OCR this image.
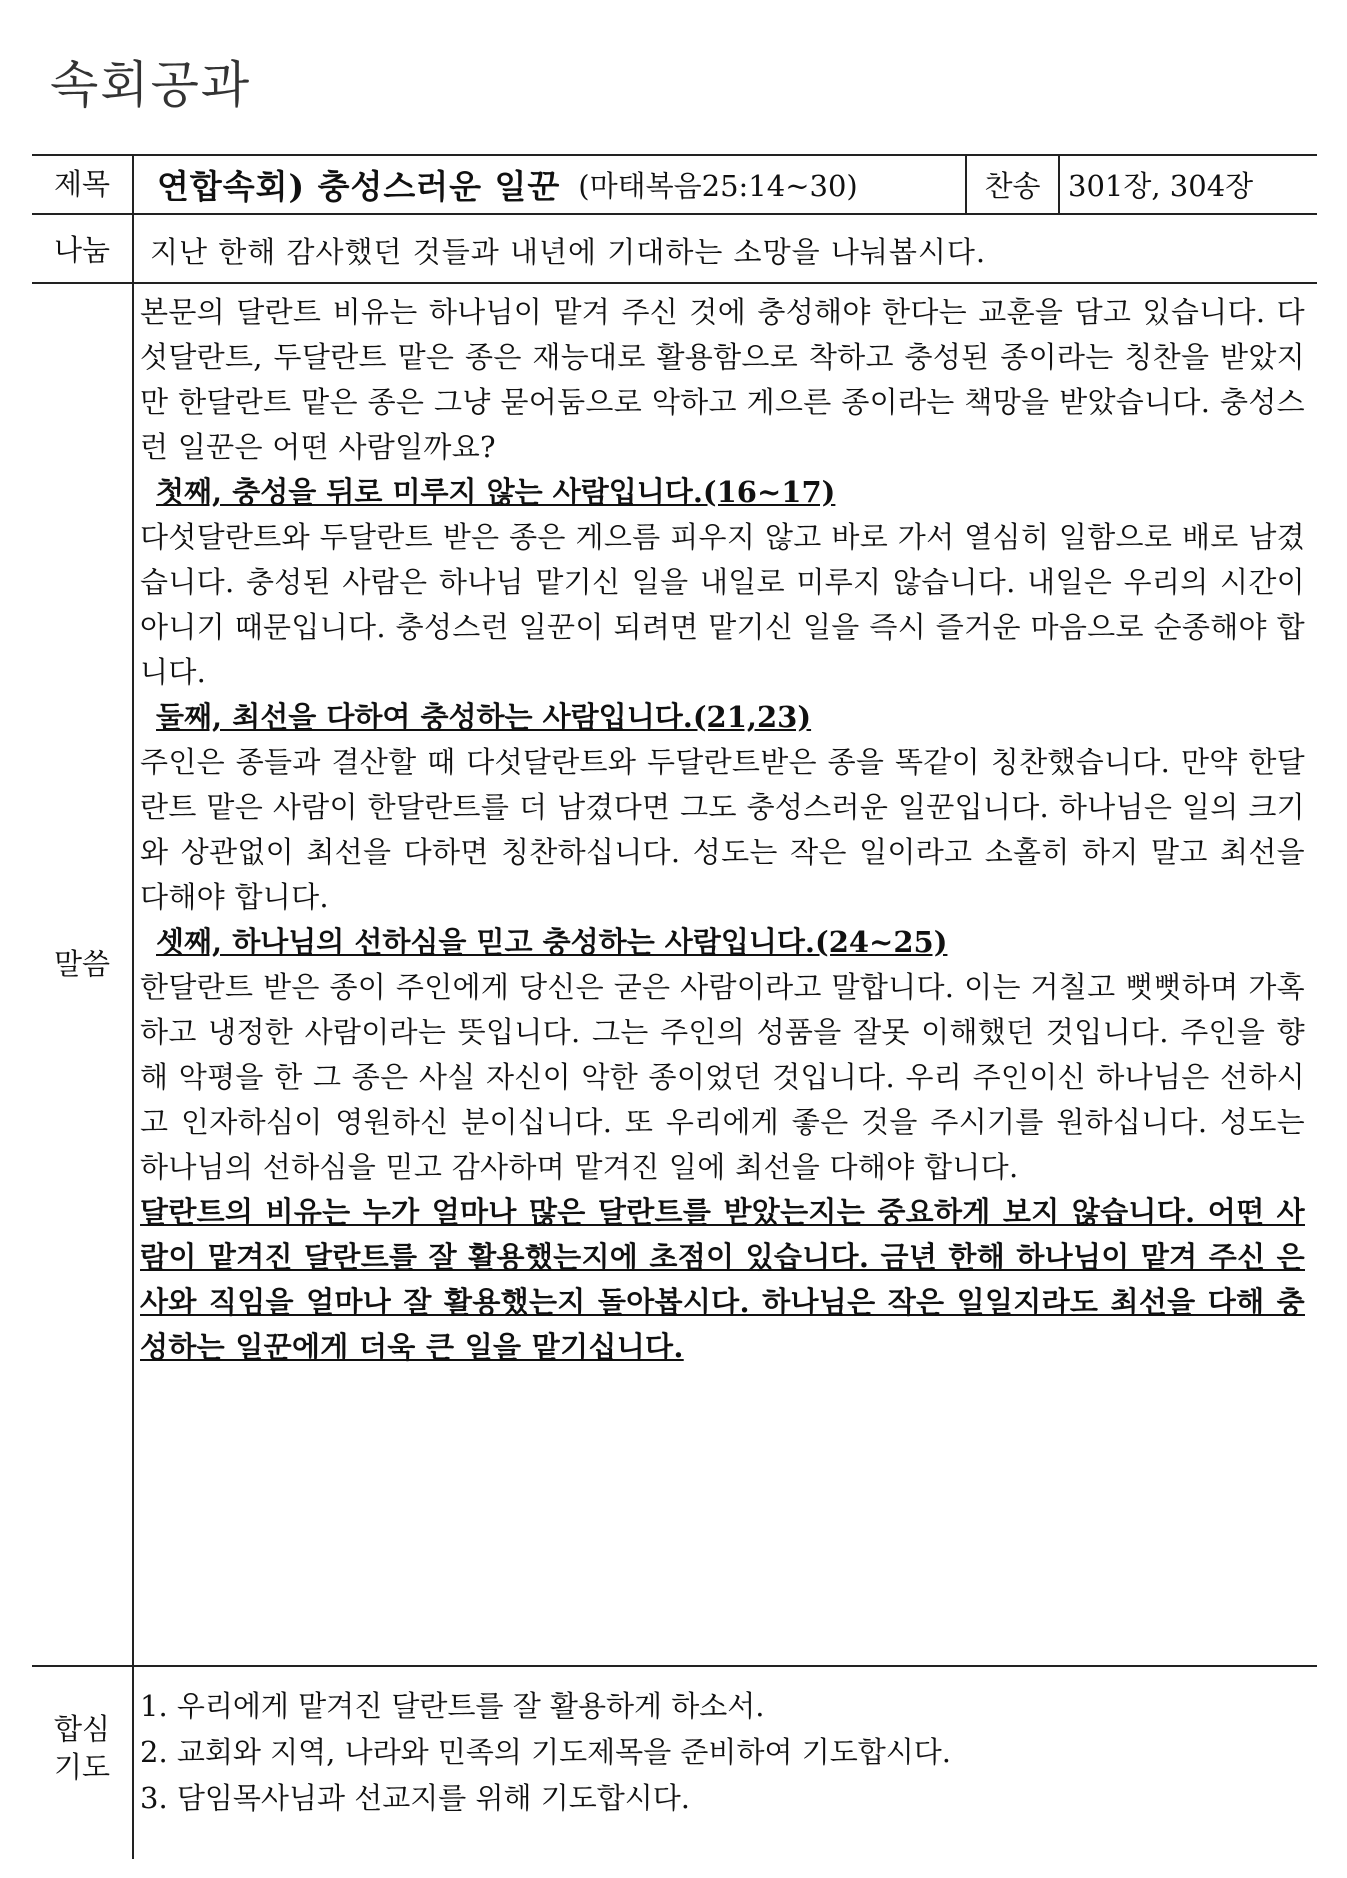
속회공과
제목	연합속회) 충성스러운 일꾼 (마태복음25:14~30)	찬송 301장, 304장
나눔	지난 한해 감사했던 것들과 내년에 기대하는 소망을 나눠봅시다.
말씀

본문의 달란트 비유는 하나님이 맡겨 주신 것에 충성해야 한다는 교훈을 담고 있습니다. 다섯달란트, 두달란트 맡은 종은 재능대로 활용함으로 착하고 충성된 종이라는 칭찬을 받았지만 한달란트 맡은 종은 그냥 묻어둠으로 악하고 게으른 종이라는 책망을 받았습니다. 충성스런 일꾼은 어떤 사람일까요?

첫째, 충성을 뒤로 미루지 않는 사람입니다.(16~17)

다섯달란트와 두달란트 받은 종은 게으름 피우지 않고 바로 가서 열심히 일함으로 배로 남겼습니다. 충성된 사람은 하나님 맡기신 일을 내일로 미루지 않습니다. 내일은 우리의 시간이 아니기 때문입니다. 충성스런 일꾼이 되려면 맡기신 일을 즉시 즐거운 마음으로 순종해야 합니다.

둘째, 최선을 다하여 충성하는 사람입니다.(21,23)

주인은 종들과 결산할 때 다섯달란트와 두달란트받은 종을 똑같이 칭찬했습니다. 만약 한달란트 맡은 사람이 한달란트를 더 남겼다면 그도 충성스러운 일꾼입니다. 하나님은 일의 크기와 상관없이 최선을 다하면 칭찬하십니다. 성도는 작은 일이라고 소홀히 하지 말고 최선을 다해야 합니다.

셋째, 하나님의 선하심을 믿고 충성하는 사람입니다.(24~25)

한달란트 받은 종이 주인에게 당신은 굳은 사람이라고 말합니다. 이는 거칠고 뻣뻣하며 가혹하고 냉정한 사람이라는 뜻입니다. 그는 주인의 성품을 잘못 이해했던 것입니다. 주인을 향해 악평을 한 그 종은 사실 자신이 악한 종이었던 것입니다. 우리 주인이신 하나님은 선하시고 인자하심이 영원하신 분이십니다. 또 우리에게 좋은 것을 주시기를 원하십니다. 성도는 하나님의 선하심을 믿고 감사하며 맡겨진 일에 최선을 다해야 합니다.

달란트의 비유는 누가 얼마나 많은 달란트를 받았는지는 중요하게 보지 않습니다. 어떤 사람이 맡겨진 달란트를 잘 활용했는지에 초점이 있습니다. 금년 한해 하나님이 맡겨 주신 은사와 직임을 얼마나 잘 활용했는지 돌아봅시다. 하나님은 작은 일일지라도 최선을 다해 충성하는 일꾼에게 더욱 큰 일을 맡기십니다.

합심
기도
1. 우리에게 맡겨진 달란트를 잘 활용하게 하소서.
2. 교회와 지역, 나라와 민족의 기도제목을 준비하여 기도합시다.
3. 담임목사님과 선교지를 위해 기도합시다.
